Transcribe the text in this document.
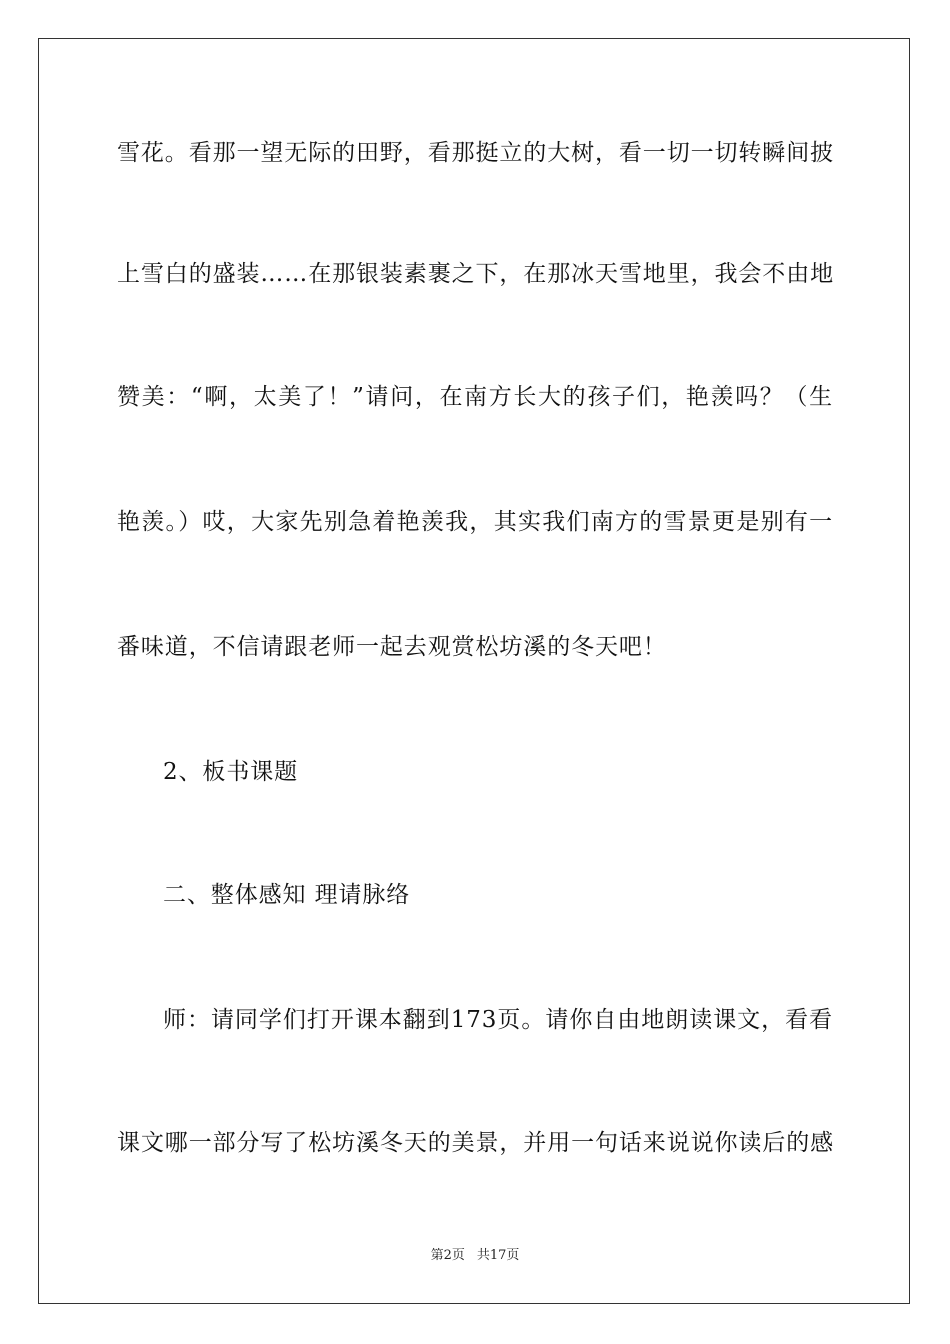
雪花。看那一望无际的田野，看那挺立的大树，看一切一切转瞬间披
上雪白的盛装……在那银装素裹之下，在那冰天雪地里，我会不由地
赞美：“啊，太美了！”请问，在南方长大的孩子们，艳羡吗？（生
艳羡。）哎，大家先别急着艳羡我，其实我们南方的雪景更是别有一
番味道，不信请跟老师一起去观赏松坊溪的冬天吧！
2、板书课题
二、整体感知 理请脉络
师：请同学们打开课本翻到173页。请你自由地朗读课文，看看
课文哪一部分写了松坊溪冬天的美景，并用一句话来说说你读后的感
第2页 共17页
